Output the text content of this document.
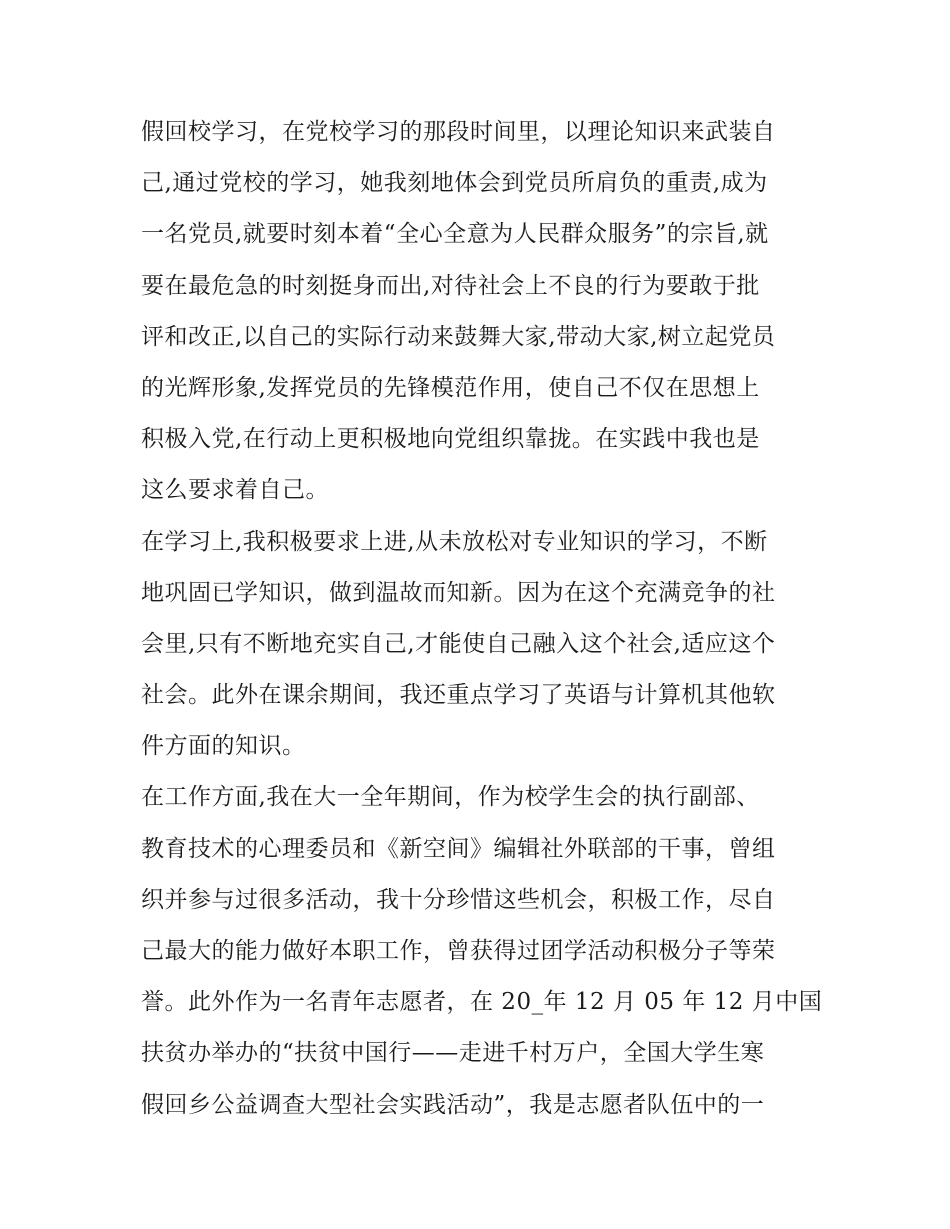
假回校学习，在党校学习的那段时间里，以理论知识来武装自
己,通过党校的学习，她我刻地体会到党员所肩负的重责,成为
一名党员,就要时刻本着“全心全意为人民群众服务”的宗旨,就
要在最危急的时刻挺身而出,对待社会上不良的行为要敢于批
评和改正,以自己的实际行动来鼓舞大家,带动大家,树立起党员
的光辉形象,发挥党员的先锋模范作用，使自己不仅在思想上
积极入党,在行动上更积极地向党组织靠拢。在实践中我也是
这么要求着自己。
在学习上,我积极要求上进,从未放松对专业知识的学习，不断
地巩固已学知识，做到温故而知新。因为在这个充满竞争的社
会里,只有不断地充实自己,才能使自己融入这个社会,适应这个
社会。此外在课余期间，我还重点学习了英语与计算机其他软
件方面的知识。
在工作方面,我在大一全年期间，作为校学生会的执行副部、
教育技术的心理委员和《新空间》编辑社外联部的干事，曾组
织并参与过很多活动，我十分珍惜这些机会，积极工作，尽自
己最大的能力做好本职工作，曾获得过团学活动积极分子等荣
誉。此外作为一名青年志愿者，在 20_年 12 月 05 年 12 月中国
扶贫办举办的“扶贫中国行——走进千村万户，全国大学生寒
假回乡公益调查大型社会实践活动”，我是志愿者队伍中的一
